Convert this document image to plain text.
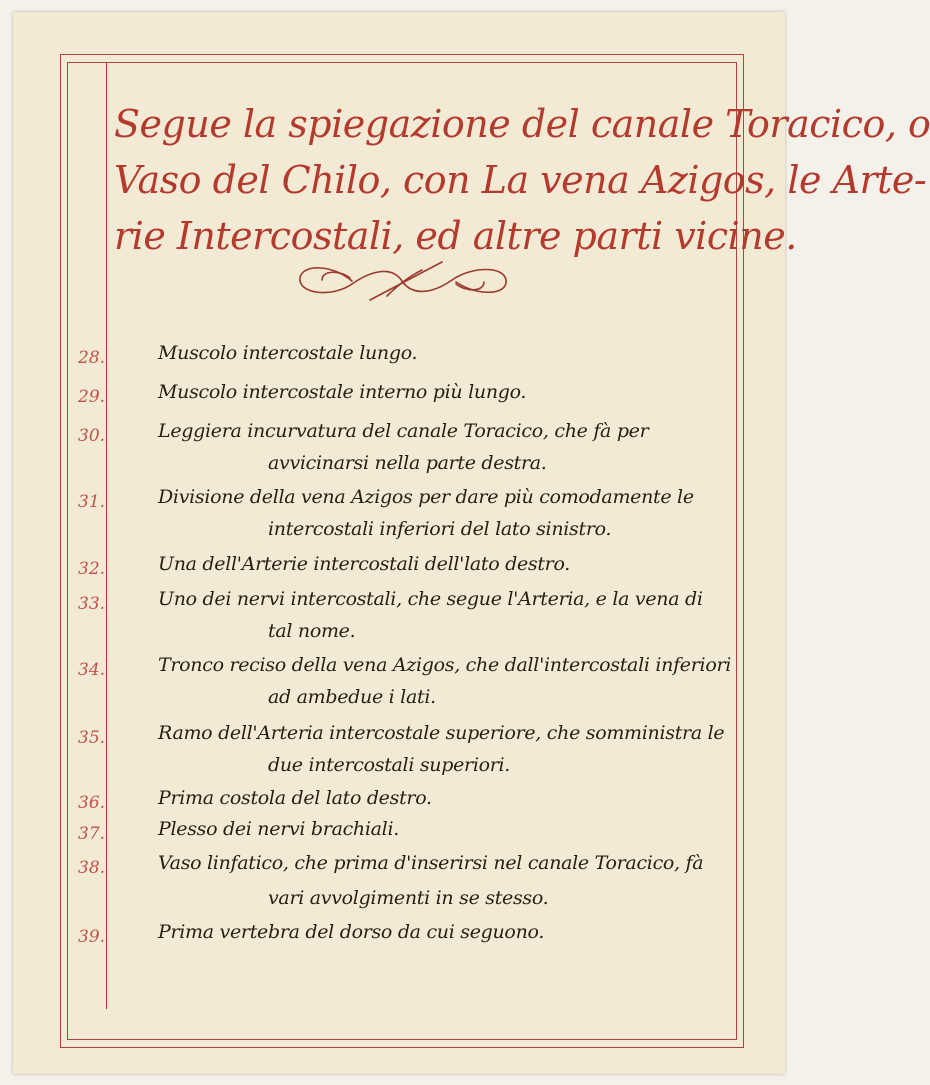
Segue la spiegazione del canale Toracico, o
Vaso del Chilo, con La vena Azigos, le Arte-
rie Intercostali, ed altre parti vicine.
28.	Muscolo intercostale lungo.
29.	Muscolo intercostale interno più lungo.
30.	Leggiera incurvatura del canale Toracico, che fà per
avvicinarsi nella parte destra.
31.	Divisione della vena Azigos per dare più comodamente le
intercostali inferiori del lato sinistro.
32.	Una dell'Arterie intercostali dell'lato destro.
33.	Uno dei nervi intercostali, che segue l'Arteria, e la vena di
tal nome.
34.	Tronco reciso della vena Azigos, che dall'intercostali inferiori
ad ambedue i lati.
35.	Ramo dell'Arteria intercostale superiore, che somministra le
due intercostali superiori.
36.	Prima costola del lato destro.
37.	Plesso dei nervi brachiali.
38.	Vaso linfatico, che prima d'inserirsi nel canale Toracico, fà
vari avvolgimenti in se stesso.
39.	Prima vertebra del dorso da cui seguono.
